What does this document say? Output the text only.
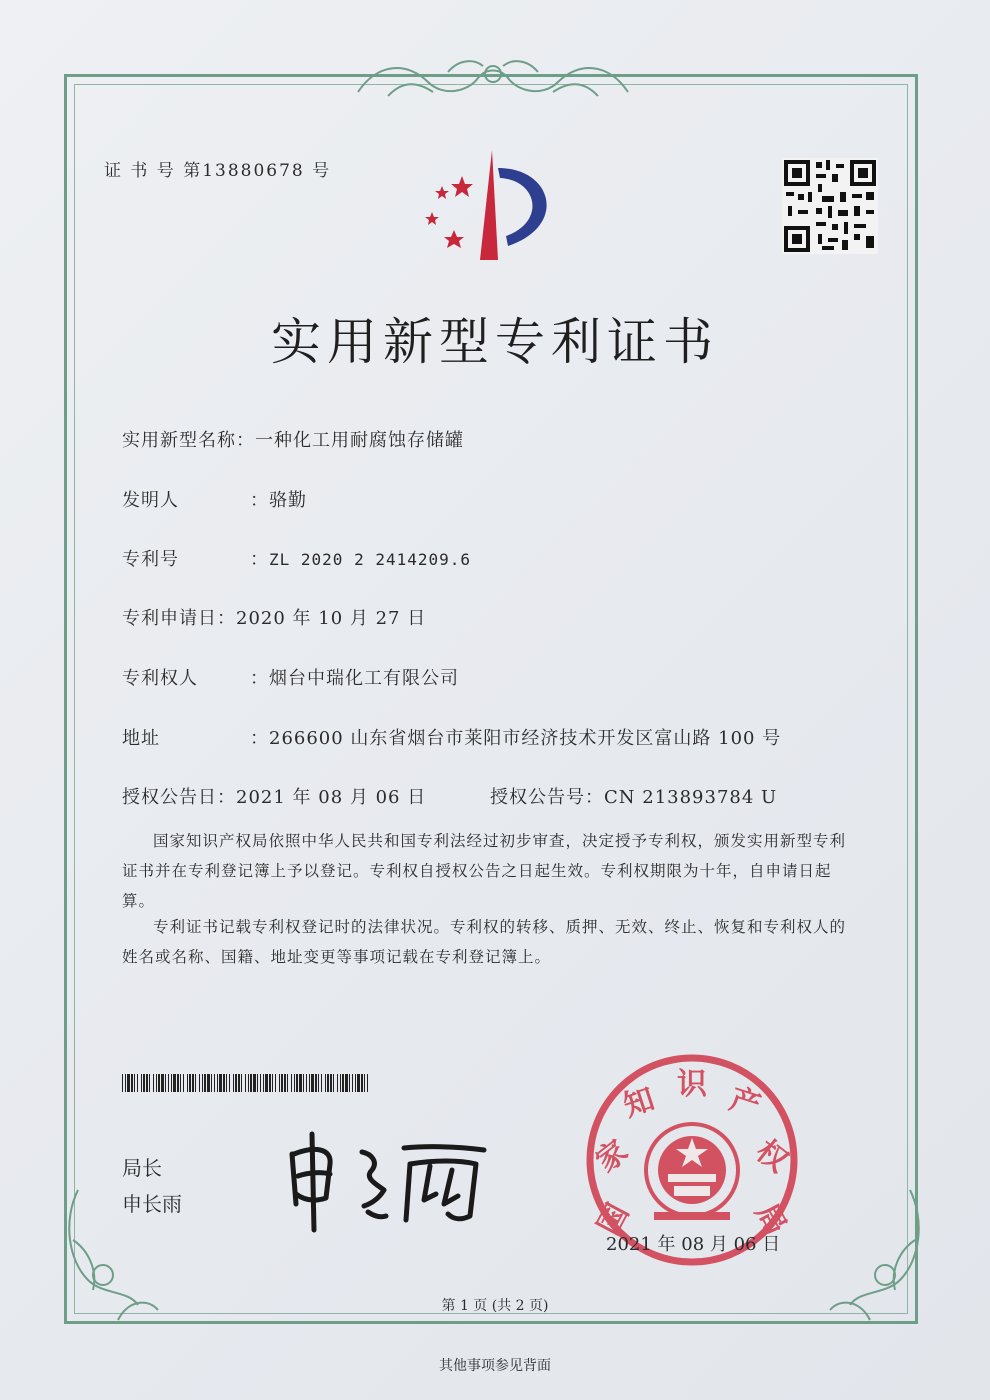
证 书 号 第13880678 号
实用新型专利证书
实用新型名称：一种化工用耐腐蚀存储罐
发明人	：骆勤
专利号	：ZL 2020 2 2414209.6
专利申请日：2020 年 10 月 27 日
专利权人	：烟台中瑞化工有限公司
地址	：266600 山东省烟台市莱阳市经济技术开发区富山路 100 号
授权公告日：2021 年 08 月 06 日	授权公告号：CN 213893784 U
国家知识产权局依照中华人民共和国专利法经过初步审查，决定授予专利权，颁发实用新型专利证书并在专利登记簿上予以登记。专利权自授权公告之日起生效。专利权期限为十年，自申请日起算。
专利证书记载专利权登记时的法律状况。专利权的转移、质押、无效、终止、恢复和专利权人的姓名或名称、国籍、地址变更等事项记载在专利登记簿上。
局长
申长雨	国
家
知 识 产
权
局
2021 年 08 月 06 日
第 1 页 (共 2 页)
其他事项参见背面
